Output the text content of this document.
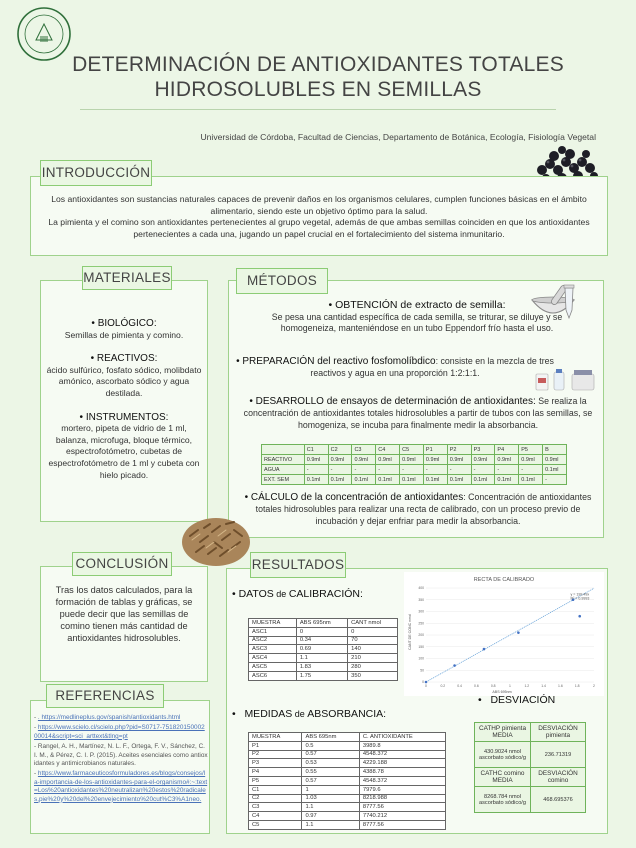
DETERMINACIÓN DE ANTIOXIDANTES TOTALES
HIDROSOLUBLES EN SEMILLAS
Universidad de Córdoba, Facultad de Ciencias, Departamento de Botánica, Ecología, Fisiología Vegetal
INTRODUCCIÓN
Los antioxidantes son sustancias naturales capaces de prevenir daños en los organismos celulares, cumplen funciones básicas en el ámbito alimentario, siendo este un objetivo óptimo para la salud.
La pimienta y el comino son antioxidantes pertenecientes al grupo vegetal, además de que ambas semillas coinciden en que los antioxidantes pertenecientes a cada una, jugando un papel crucial en el fortalecimiento del sistema inmunitario.
MATERIALES
• BIOLÓGICO:
Semillas de pimienta y comino.
• REACTIVOS:
ácido sulfúrico, fosfato sódico, molibdato amónico, ascorbato sódico y agua destilada.
• INSTRUMENTOS:
mortero, pipeta de vidrio de 1 ml, balanza, microfuga, bloque térmico, espectrofotómetro, cubetas de espectrofotómetro de 1 ml y cubeta con hielo picado.
MÉTODOS
• OBTENCIÓN de extracto de semilla:
Se pesa una cantidad específica de cada semilla, se triturar, se diluye y se homogeneiza, manteniéndose en un tubo Eppendorf frío hasta el uso.
• PREPARACIÓN del reactivo fosfomolíbdico: consiste en la mezcla de tres reactivos y agua en una proporción 1:2:1:1.
• DESARROLLO de ensayos de determinación de antioxidantes: Se realiza la concentración de antioxidantes totales hidrosolubles a partir de tubos con las semillas, se homogeniza, se incuba para finalmente medir la absorbancia.
	C1	C2	C3	C4	C5	P1	P2	P3	P4	P5	B
REACTIVO	0.9ml	0.9ml	0.9ml	0.9ml	0.9ml	0.9ml	0.9ml	0.9ml	0.9ml	0.9ml	0.9ml
AGUA	-	-	-	-	-	-	-	-	-	-	0.1ml
EXT. SEM	0.1ml	0.1ml	0.1ml	0.1ml	0.1ml	0.1ml	0.1ml	0.1ml	0.1ml	0.1ml	-
• CÁLCULO de la concentración de antioxidantes: Concentración de antioxidantes totales hidrosolubles para realizar una recta de calibrado, con un proceso previo de incubación y dejar enfriar para medir la absorbancia.
CONCLUSIÓN
Tras los datos calculados, para la formación de tablas y gráficas, se puede decir que las semillas de comino tienen más cantidad de antioxidantes hidrosolubles.
REFERENCIAS
- . https://medlineplus.gov/spanish/antioxidants.html
- https://www.scielo.cl/scielo.php?pid=S0717-75182015000200014&script=sci_arttext&tlng=pt
- Rangel, A. H., Martínez, N. L. F., Ortega, F. V., Sánchez, C. I. M., & Pérez, C. I. P. (2015). Aceites esenciales como antioxidantes y antimicrobianos naturales.
- https://www.farmaceuticosformuladores.es/blogs/consejos/la-importancia-de-los-antioxidantes-para-el-organismo#:~:text=Los%20antioxidantes%20neutralizan%20estos%20radicales,pie%20y%20del%20envejecimiento%20cut%C3%A1neo.
RESULTADOS
• DATOS de CALIBRACIÓN:
MUESTRA	ABS 695nm	CANT nmol
ASC1	0	0
ASC2	0.34	70
ASC3	0.69	140
ASC4	1.1	210
ASC5	1.83	280
ASC6	1.75	350
RECTA DE CALIBRADO
0
50
100
150
200
250
300
350
400
0	0.2	0.4	0.6	0.8	1	1.2	1.4	1.6	1.8	2
ABS 695nm
CANT DE CONC nmol
y = 199.49x
R² = 0.9993
•   DESVIACIÓN
•   MEDIDAS de ABSORBANCIA:
MUESTRA	ABS 695nm	C. ANTIOXIDANTE
P1	0.5	3989.8
P2	0.57	4548.372
P3	0.53	4229.188
P4	0.55	4388.78
P5	0.57	4548.372
C1	1	7979.6
C2	1.03	8218.988
C3	1.1	8777.56
C4	0.97	7740.212
C5	1.1	8777.56
CATHP pimienta MEDIA	DESVIACIÓN pimienta
430.9024 nmol ascorbato sódico/g	236.71319
CATHC comino MEDIA	DESVIACIÓN comino
8268.784 nmol ascorbato sódico/g	468.695376
